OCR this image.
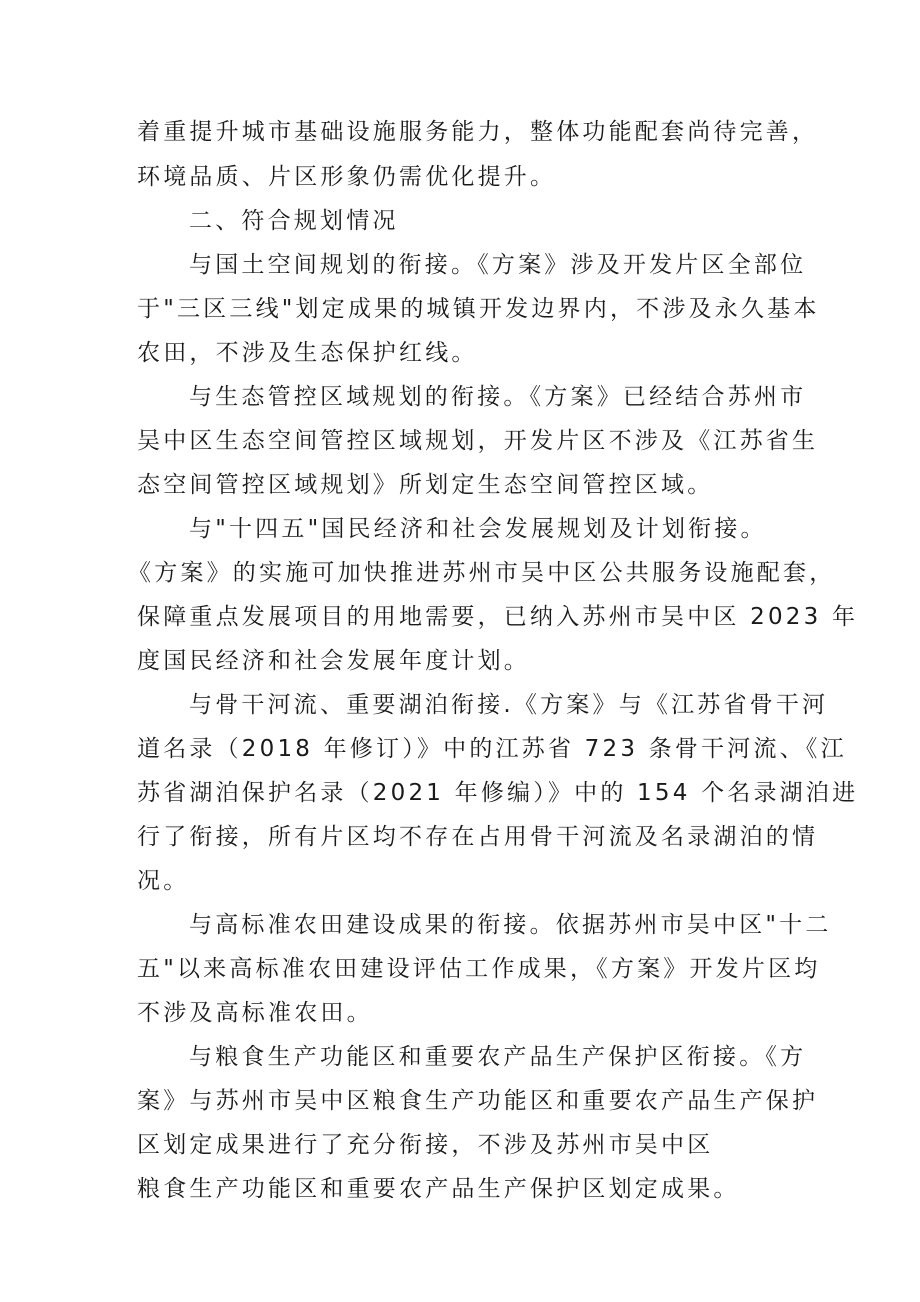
着重提升城市基础设施服务能力，整体功能配套尚待完善，
环境品质、片区形象仍需优化提升。
二、符合规划情况
与国土空间规划的衔接。《方案》涉及开发片区全部位
于"三区三线"划定成果的城镇开发边界内，不涉及永久基本
农田，不涉及生态保护红线。
与生态管控区域规划的衔接。《方案》已经结合苏州市
吴中区生态空间管控区域规划，开发片区不涉及《江苏省生
态空间管控区域规划》所划定生态空间管控区域。
与"十四五"国民经济和社会发展规划及计划衔接。
《方案》的实施可加快推进苏州市吴中区公共服务设施配套，
保障重点发展项目的用地需要，已纳入苏州市吴中区 2023 年
度国民经济和社会发展年度计划。
与骨干河流、重要湖泊衔接.《方案》与《江苏省骨干河
道名录（2018 年修订）》中的江苏省 723 条骨干河流、《江
苏省湖泊保护名录（2021 年修编）》中的 154 个名录湖泊进
行了衔接，所有片区均不存在占用骨干河流及名录湖泊的情
况。
与高标准农田建设成果的衔接。依据苏州市吴中区"十二
五"以来高标准农田建设评估工作成果，《方案》开发片区均
不涉及高标准农田。
与粮食生产功能区和重要农产品生产保护区衔接。《方
案》与苏州市吴中区粮食生产功能区和重要农产品生产保护
区划定成果进行了充分衔接，不涉及苏州市吴中区
粮食生产功能区和重要农产品生产保护区划定成果。
